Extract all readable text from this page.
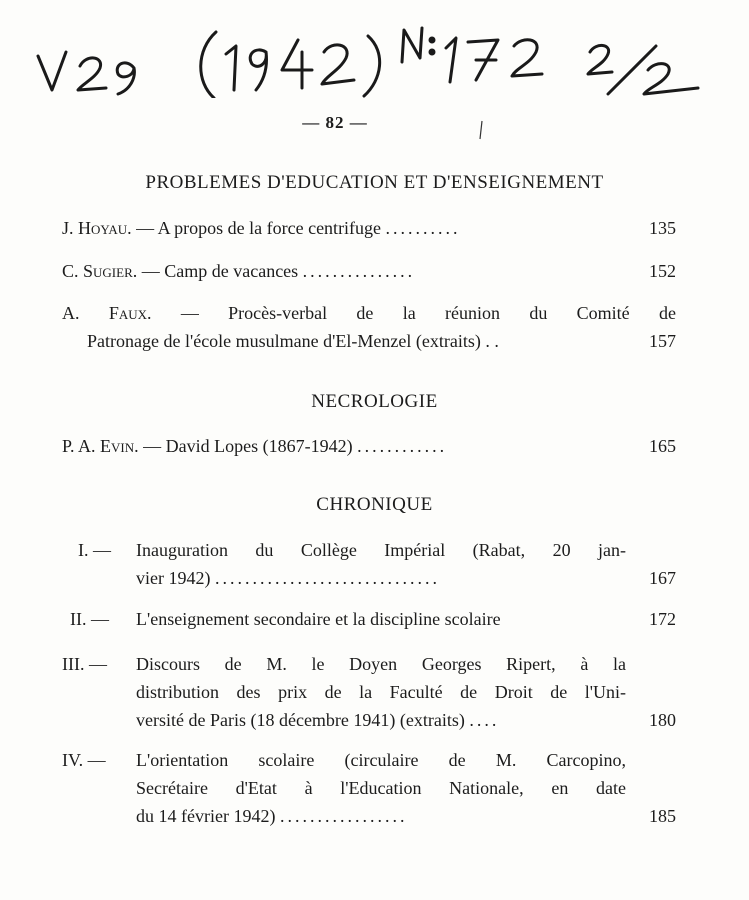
— 82 —
PROBLEMES D'EDUCATION ET D'ENSEIGNEMENT
J. Hoyau. — A propos de la force centrifuge ..........	135
C. Sugier. — Camp de vacances ...............	152
A. Faux. — Procès-verbal de la réunion du Comité de
Patronage de l'école musulmane d'El-Menzel (extraits) . .	157
NECROLOGIE
P. A. Evin. — David Lopes (1867-1942) ............	165
CHRONIQUE
I. —	Inauguration du Collège Impérial (Rabat, 20 jan-
vier 1942) ..............................	167
II. —	L'enseignement secondaire et la discipline scolaire	172
III. —	Discours de M. le Doyen Georges Ripert, à la
distribution des prix de la Faculté de Droit de l'Uni-
versité de Paris (18 décembre 1941) (extraits) ....	180
IV. —	L'orientation scolaire (circulaire de M. Carcopino,
Secrétaire d'Etat à l'Education Nationale, en date
du 14 février 1942) .................	185
